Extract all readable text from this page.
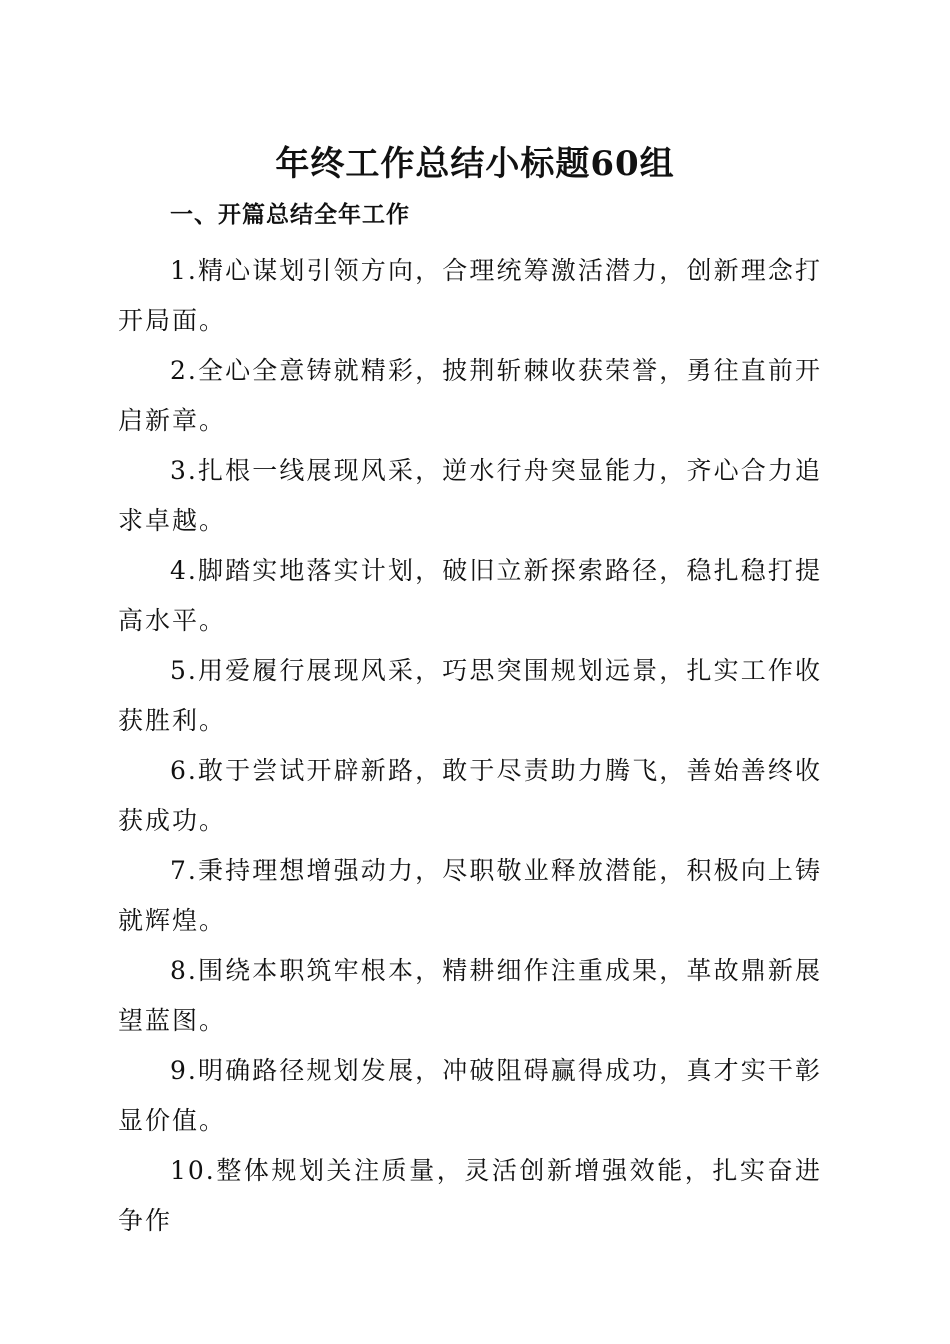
年终工作总结小标题60组
一、开篇总结全年工作
1.精心谋划引领方向，合理统筹激活潜力，创新理念打开局面。
2.全心全意铸就精彩，披荆斩棘收获荣誉，勇往直前开启新章。
3.扎根一线展现风采，逆水行舟突显能力，齐心合力追求卓越。
4.脚踏实地落实计划，破旧立新探索路径，稳扎稳打提高水平。
5.用爱履行展现风采，巧思突围规划远景，扎实工作收获胜利。
6.敢于尝试开辟新路，敢于尽责助力腾飞，善始善终收获成功。
7.秉持理想增强动力，尽职敬业释放潜能，积极向上铸就辉煌。
8.围绕本职筑牢根本，精耕细作注重成果，革故鼎新展望蓝图。
9.明确路径规划发展，冲破阻碍赢得成功，真才实干彰显价值。
10.整体规划关注质量，灵活创新增强效能，扎实奋进争作
